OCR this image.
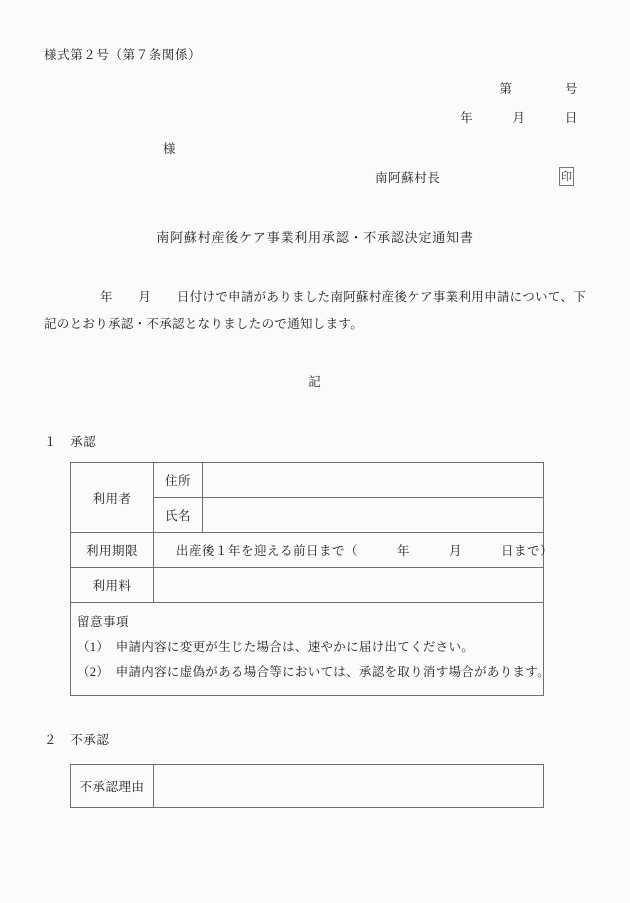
様式第２号（第７条関係）
第　　　　号
年　　　月　　　日
様
南阿蘇村長	印
南阿蘇村産後ケア事業利用承認・不承認決定通知書
年　　月　　日付けで申請がありました南阿蘇村産後ケア事業利用申請について、下記のとおり承認・不承認となりましたので通知します。
記
１　承認
利用者	住所	
	氏名	
利用期限	出産後１年を迎える前日まで（　　　年　　　月　　　日まで）	
利用料		

留意事項
（1）　申請内容に変更が生じた場合は、速やかに届け出てください。
（2）　申請内容に虚偽がある場合等においては、承認を取り消す場合があります。		
２　不承認
不承認理由	
